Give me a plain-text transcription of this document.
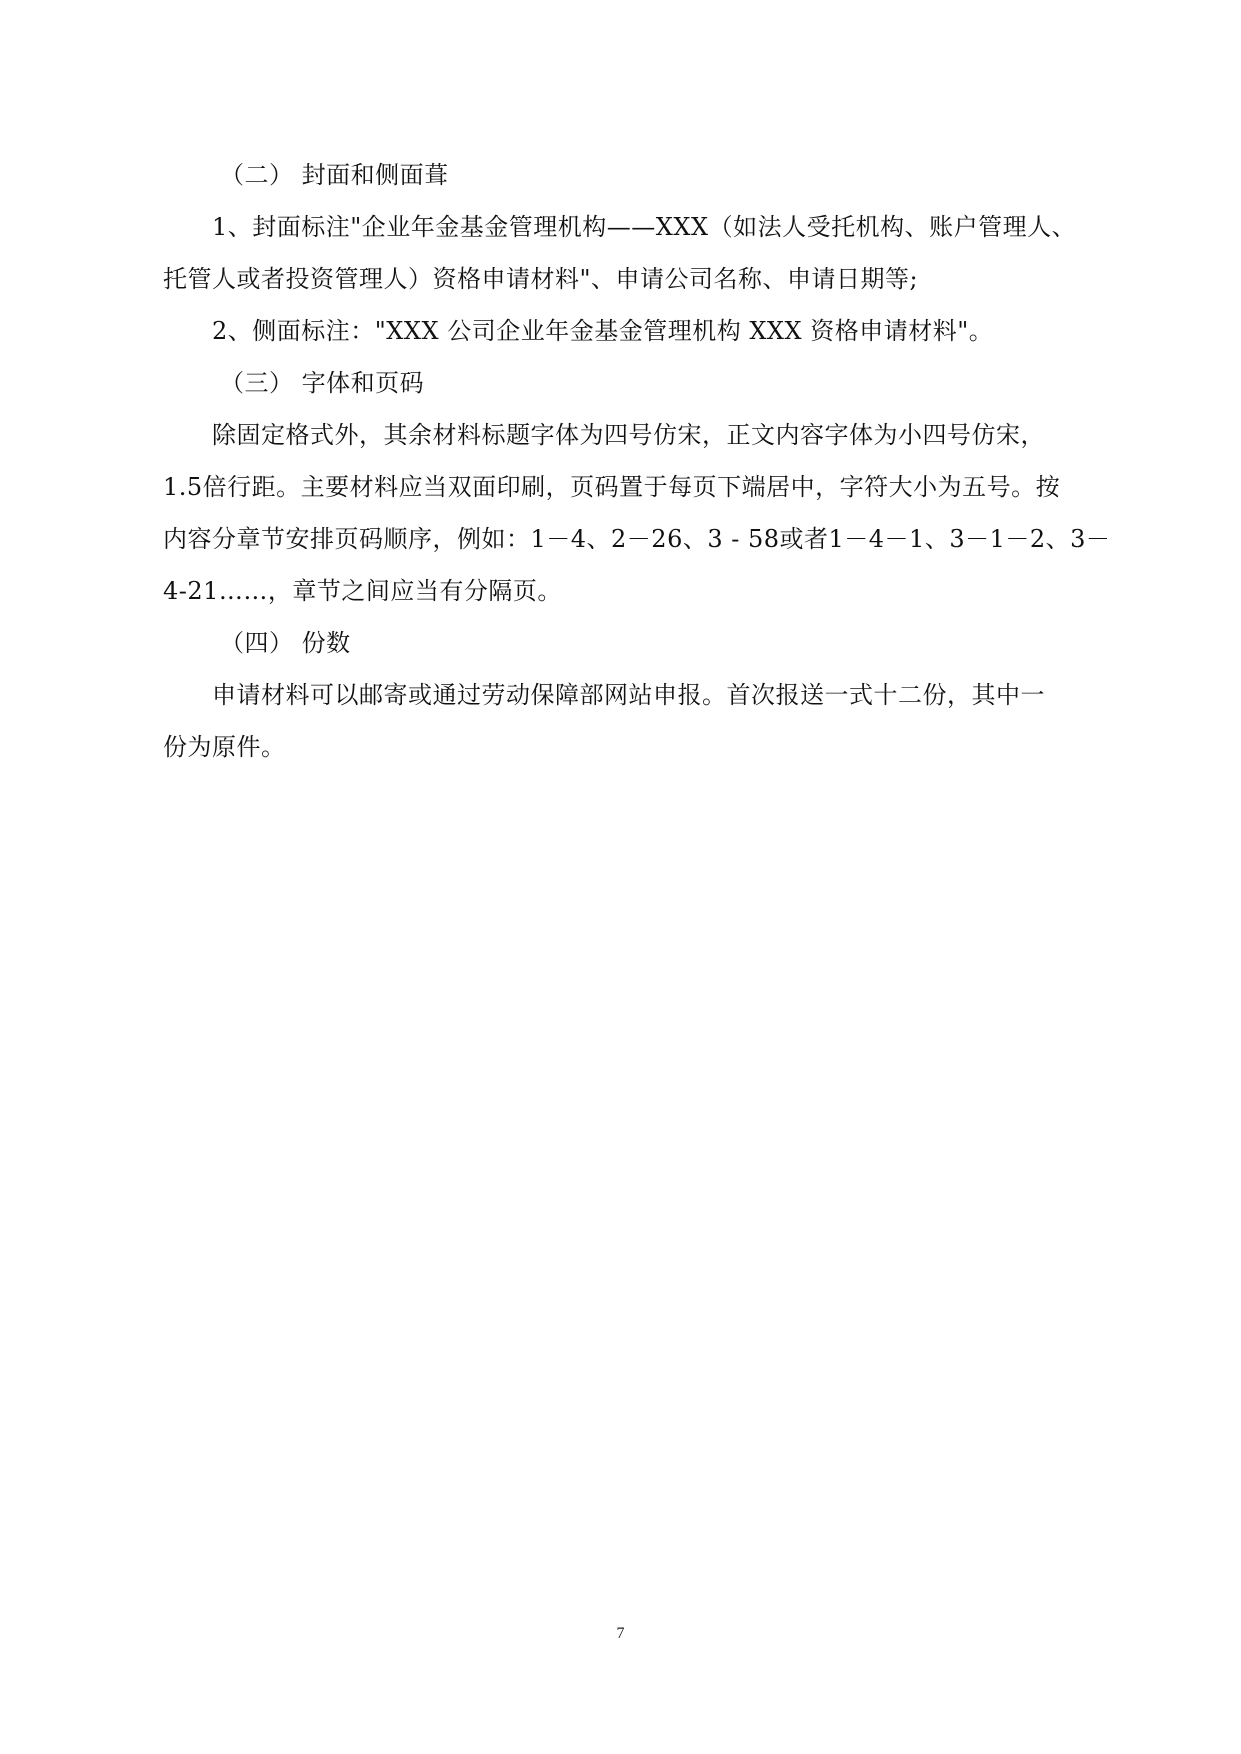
（二） 封面和侧面葺
1、封面标注"企业年金基金管理机构——XXX（如法人受托机构、账户管理人、
托管人或者投资管理人）资格申请材料"、申请公司名称、申请日期等;
2、侧面标注："XXX 公司企业年金基金管理机构 XXX 资格申请材料"。
（三） 字体和页码
除固定格式外，其余材料标题字体为四号仿宋，正文内容字体为小四号仿宋，
1.5倍行距。主要材料应当双面印刷，页码置于每页下端居中，字符大小为五号。按
内容分章节安排页码顺序，例如：1－4、2－26、3 - 58或者1－4－1、3－1－2、3－
4-21……，章节之间应当有分隔页。
（四） 份数
申请材料可以邮寄或通过劳动保障部网站申报。首次报送一式十二份，其中一
份为原件。
7
